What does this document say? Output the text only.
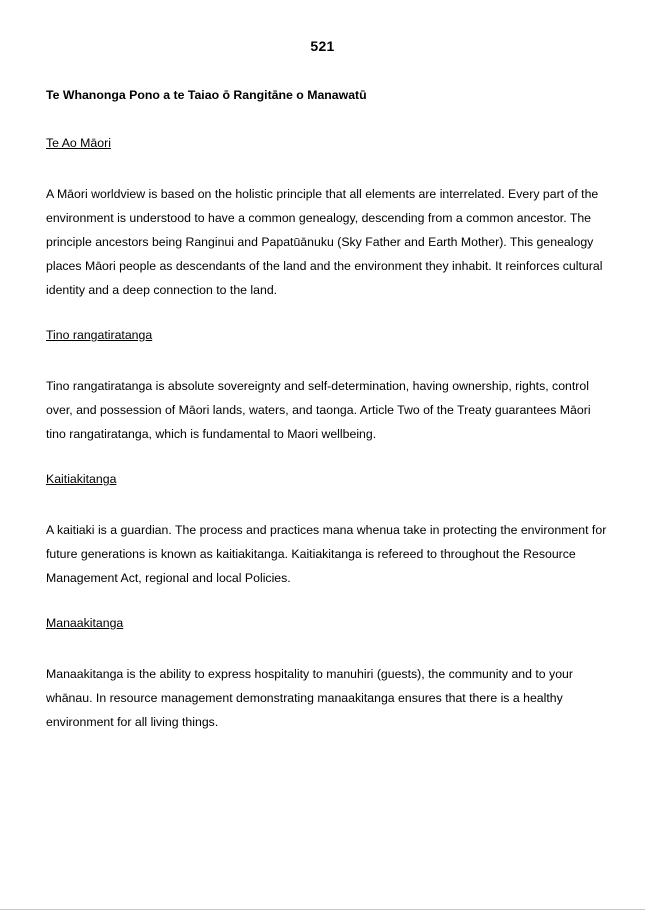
521
Te Whanonga Pono a te Taiao ō Rangitāne o Manawatū
Te Ao Māori
A Māori worldview is based on the holistic principle that all elements are interrelated. Every part of the
environment is understood to have a common genealogy, descending from a common ancestor. The
principle ancestors being Ranginui and Papatūānuku (Sky Father and Earth Mother). This genealogy
places Māori people as descendants of the land and the environment they inhabit. It reinforces cultural
identity and a deep connection to the land.
Tino rangatiratanga
Tino rangatiratanga is absolute sovereignty and self-determination, having ownership, rights, control
over, and possession of Māori lands, waters, and taonga. Article Two of the Treaty guarantees Māori
tino rangatiratanga, which is fundamental to Maori wellbeing.
Kaitiakitanga
A kaitiaki is a guardian. The process and practices mana whenua take in protecting the environment for
future generations is known as kaitiakitanga. Kaitiakitanga is refereed to throughout the Resource
Management Act, regional and local Policies.
Manaakitanga
Manaakitanga is the ability to express hospitality to manuhiri (guests), the community and to your
whānau. In resource management demonstrating manaakitanga ensures that there is a healthy
environment for all living things.
